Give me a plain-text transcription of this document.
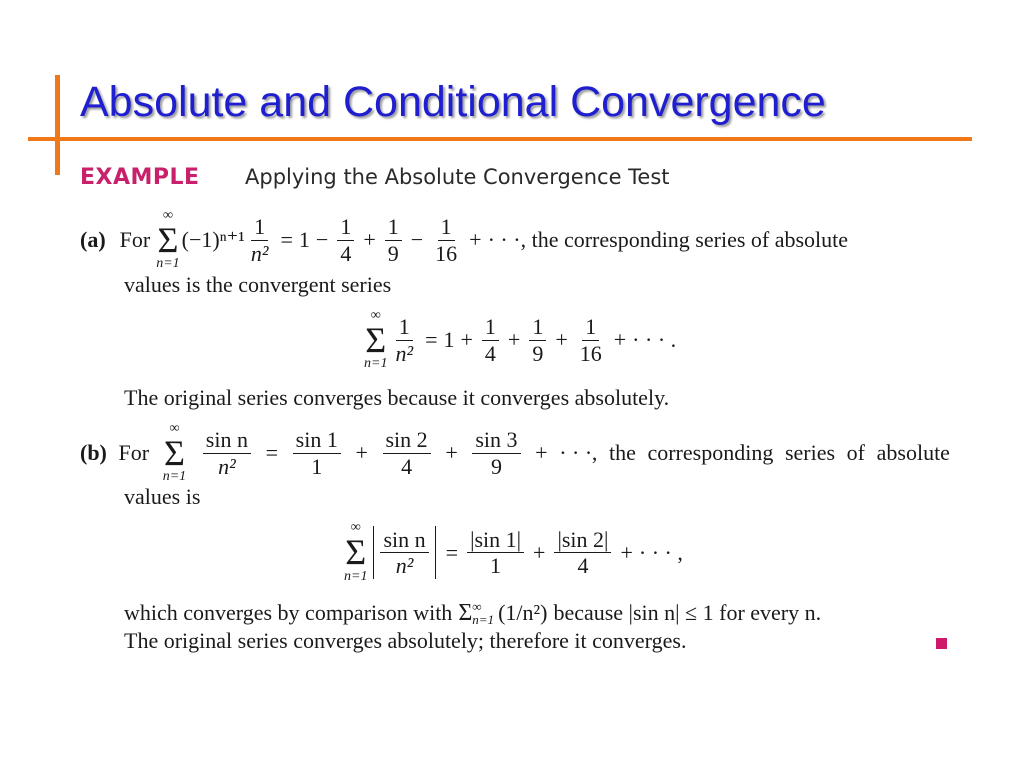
Absolute and Conditional Convergence
EXAMPLE Applying the Absolute Convergence Test
(a) For
∞
Σ
n=1
$(-1)^{n+1} \frac{1}{\text{n²}} = 1 - \frac{1}{4} + \frac{1}{9} - \frac{1}{16}$ + · · · , the corresponding series of absolute
values is the convergent series
∞
Σ
$n=1 \frac{1}{\text{n²}} = 1 + \frac{1}{4} + \frac{1}{9} + \frac{1}{16}$ + · · · .
The original series converges because it converges absolutely.
(b) For
∞
Σ
$n=1 \frac{\text{sin n}}{\text{n²}} = \frac{\sin 1}{1} + \frac{\sin 2}{4} + \frac{\sin 3}{9}$ + · · · , the corresponding series of absolute
values is
∞
Σ
$n=1 \frac{\text{sin n}}{\text{n²}} = \frac{|\sin 1|}{1} + \frac{|\sin 2|}{4}$ + · · · ,
which converges by comparison with Σ ∞
n=1 (1/n²) because |sin n| ≤ 1 for every n.
The original series converges absolutely; therefore it converges.
